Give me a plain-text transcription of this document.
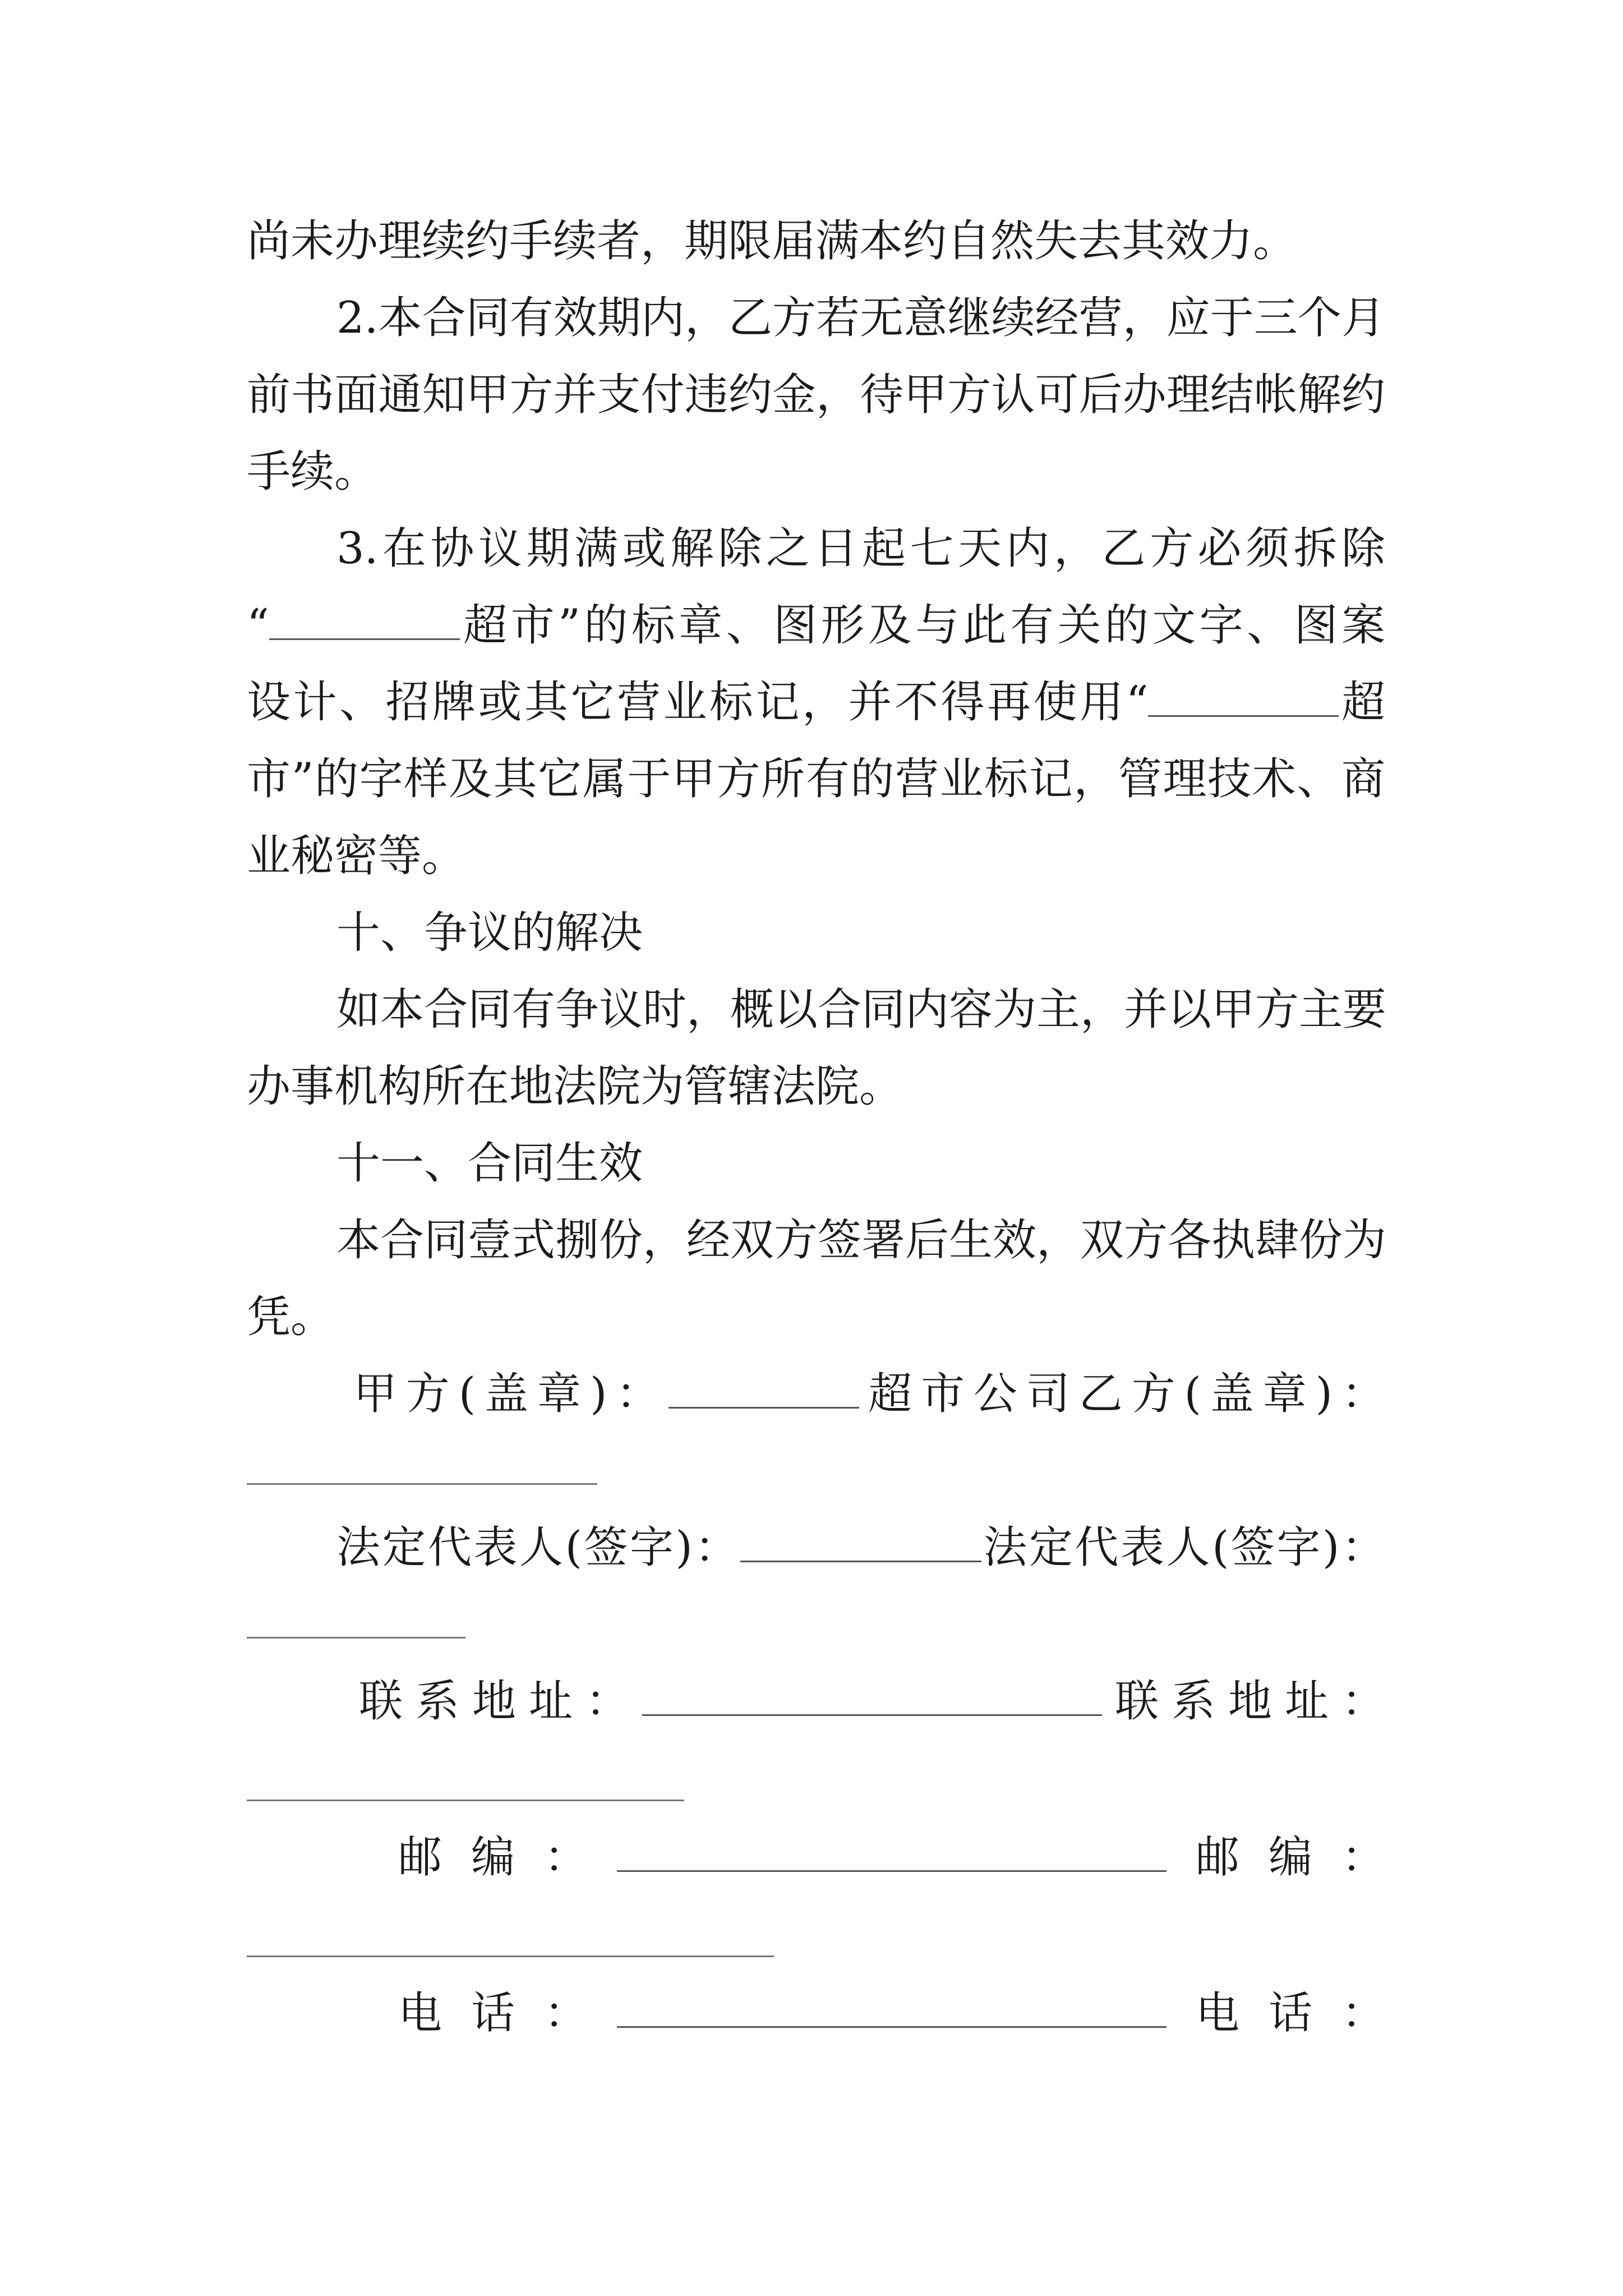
尚未办理续约手续者，期限届满本约自然失去其效力。
2.本合同有效期内，乙方若无意继续经营，应于三个月
前书面通知甲方并支付违约金，待甲方认可后办理结帐解约
手续。
3.在协议期满或解除之日起七天内，乙方必须拆除
“	超市”的标章、图形及与此有关的文字、图案
设计、招牌或其它营业标记，并不得再使用“	超
市”的字样及其它属于甲方所有的营业标记，管理技术、商
业秘密等。
十、争议的解决
如本合同有争议时，概以合同内容为主，并以甲方主要
办事机构所在地法院为管辖法院。
十一、合同生效
本合同壹式捌份，经双方签署后生效，双方各执肆份为
凭。
甲方(盖章)：	超市公司乙方(盖章)：
法定代表人(签字)：	法定代表人(签字)：
联系地址：	联系地址：
邮编：	邮编：
电话：	电话：
